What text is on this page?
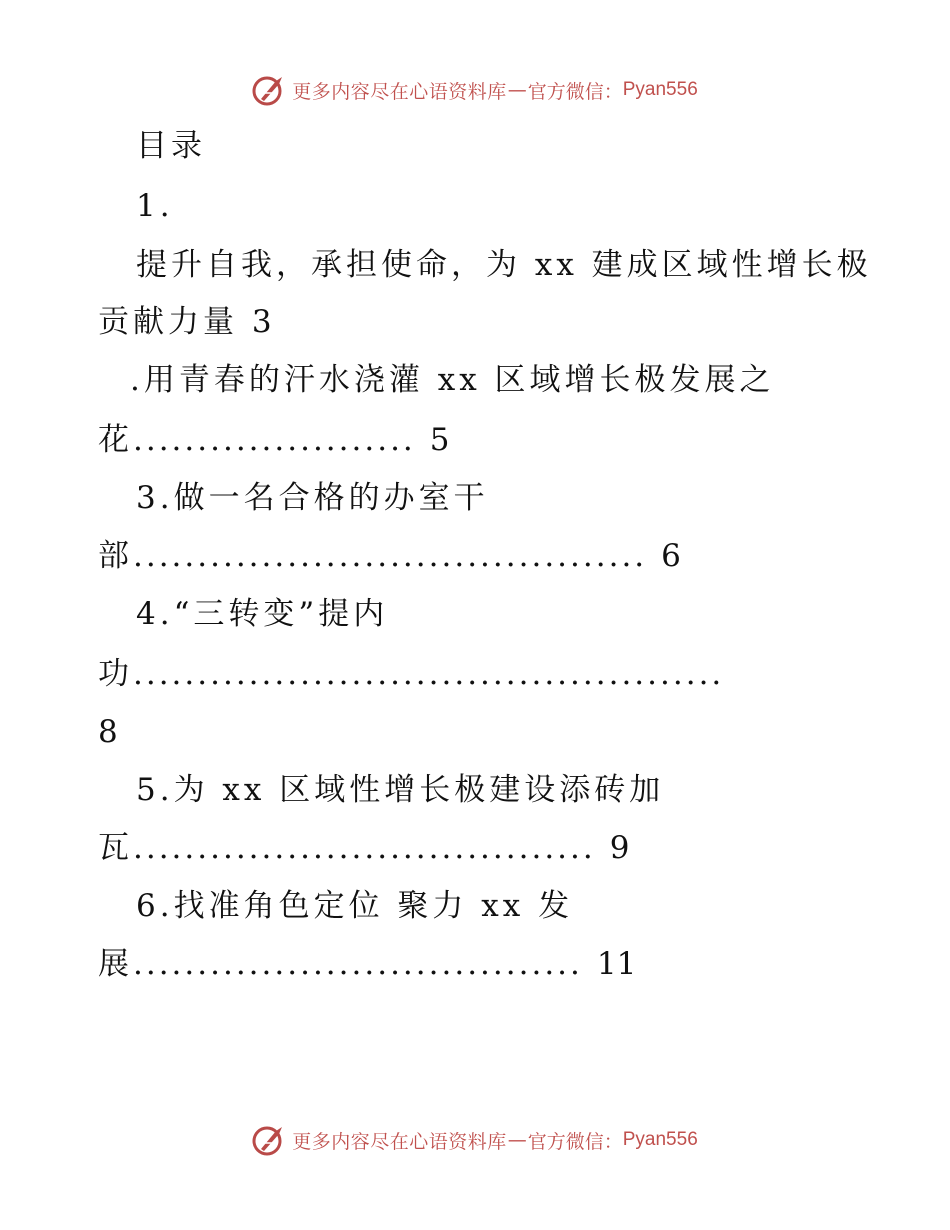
更多内容尽在心语资料库 — 官方微信： Pyan556
目录
1.
提升自我，承担使命，为 xx 建成区域性增长极
贡献力量 3
.用青春的汗水浇灌 xx 区域增长极发展之
花...................... 5
3.做一名合格的办室干
部........................................ 6
4.“三转变”提内
功..............................................
8
5.为 xx 区域性增长极建设添砖加
瓦.................................... 9
6.找准角色定位 聚力 xx 发
展................................... 11
更多内容尽在心语资料库 — 官方微信： Pyan556
